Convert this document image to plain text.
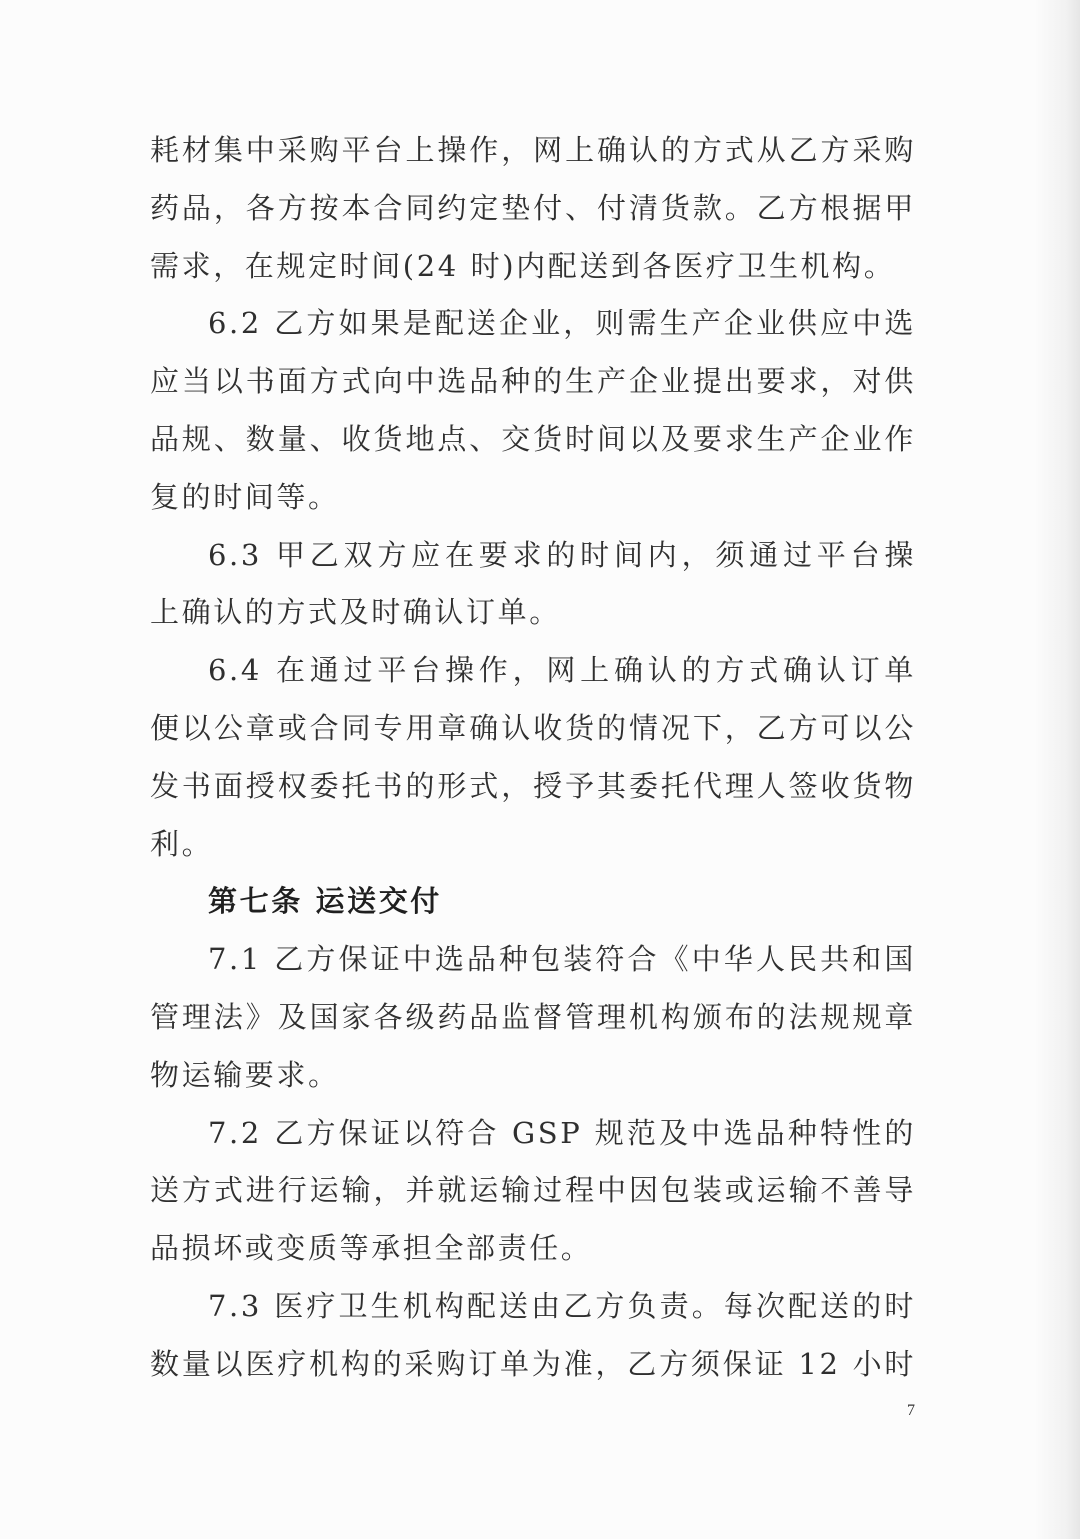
耗材集中采购平台上操作，网上确认的方式从乙方采购
药品，各方按本合同约定垫付、付清货款。乙方根据甲
需求，在规定时间(24 时)内配送到各医疗卫生机构。
6.2 乙方如果是配送企业，则需生产企业供应中选
应当以书面方式向中选品种的生产企业提出要求，对供
品规、数量、收货地点、交货时间以及要求生产企业作
复的时间等。
6.3 甲乙双方应在要求的时间内，须通过平台操
上确认的方式及时确认订单。
6.4 在通过平台操作，网上确认的方式确认订单
便以公章或合同专用章确认收货的情况下，乙方可以公
发书面授权委托书的形式，授予其委托代理人签收货物
利。
第七条 运送交付
7.1 乙方保证中选品种包装符合《中华人民共和国
管理法》及国家各级药品监督管理机构颁布的法规规章
物运输要求。
7.2 乙方保证以符合 GSP 规范及中选品种特性的
送方式进行运输，并就运输过程中因包装或运输不善导
品损坏或变质等承担全部责任。
7.3 医疗卫生机构配送由乙方负责。每次配送的时
数量以医疗机构的采购订单为准，乙方须保证 12 小时
7
